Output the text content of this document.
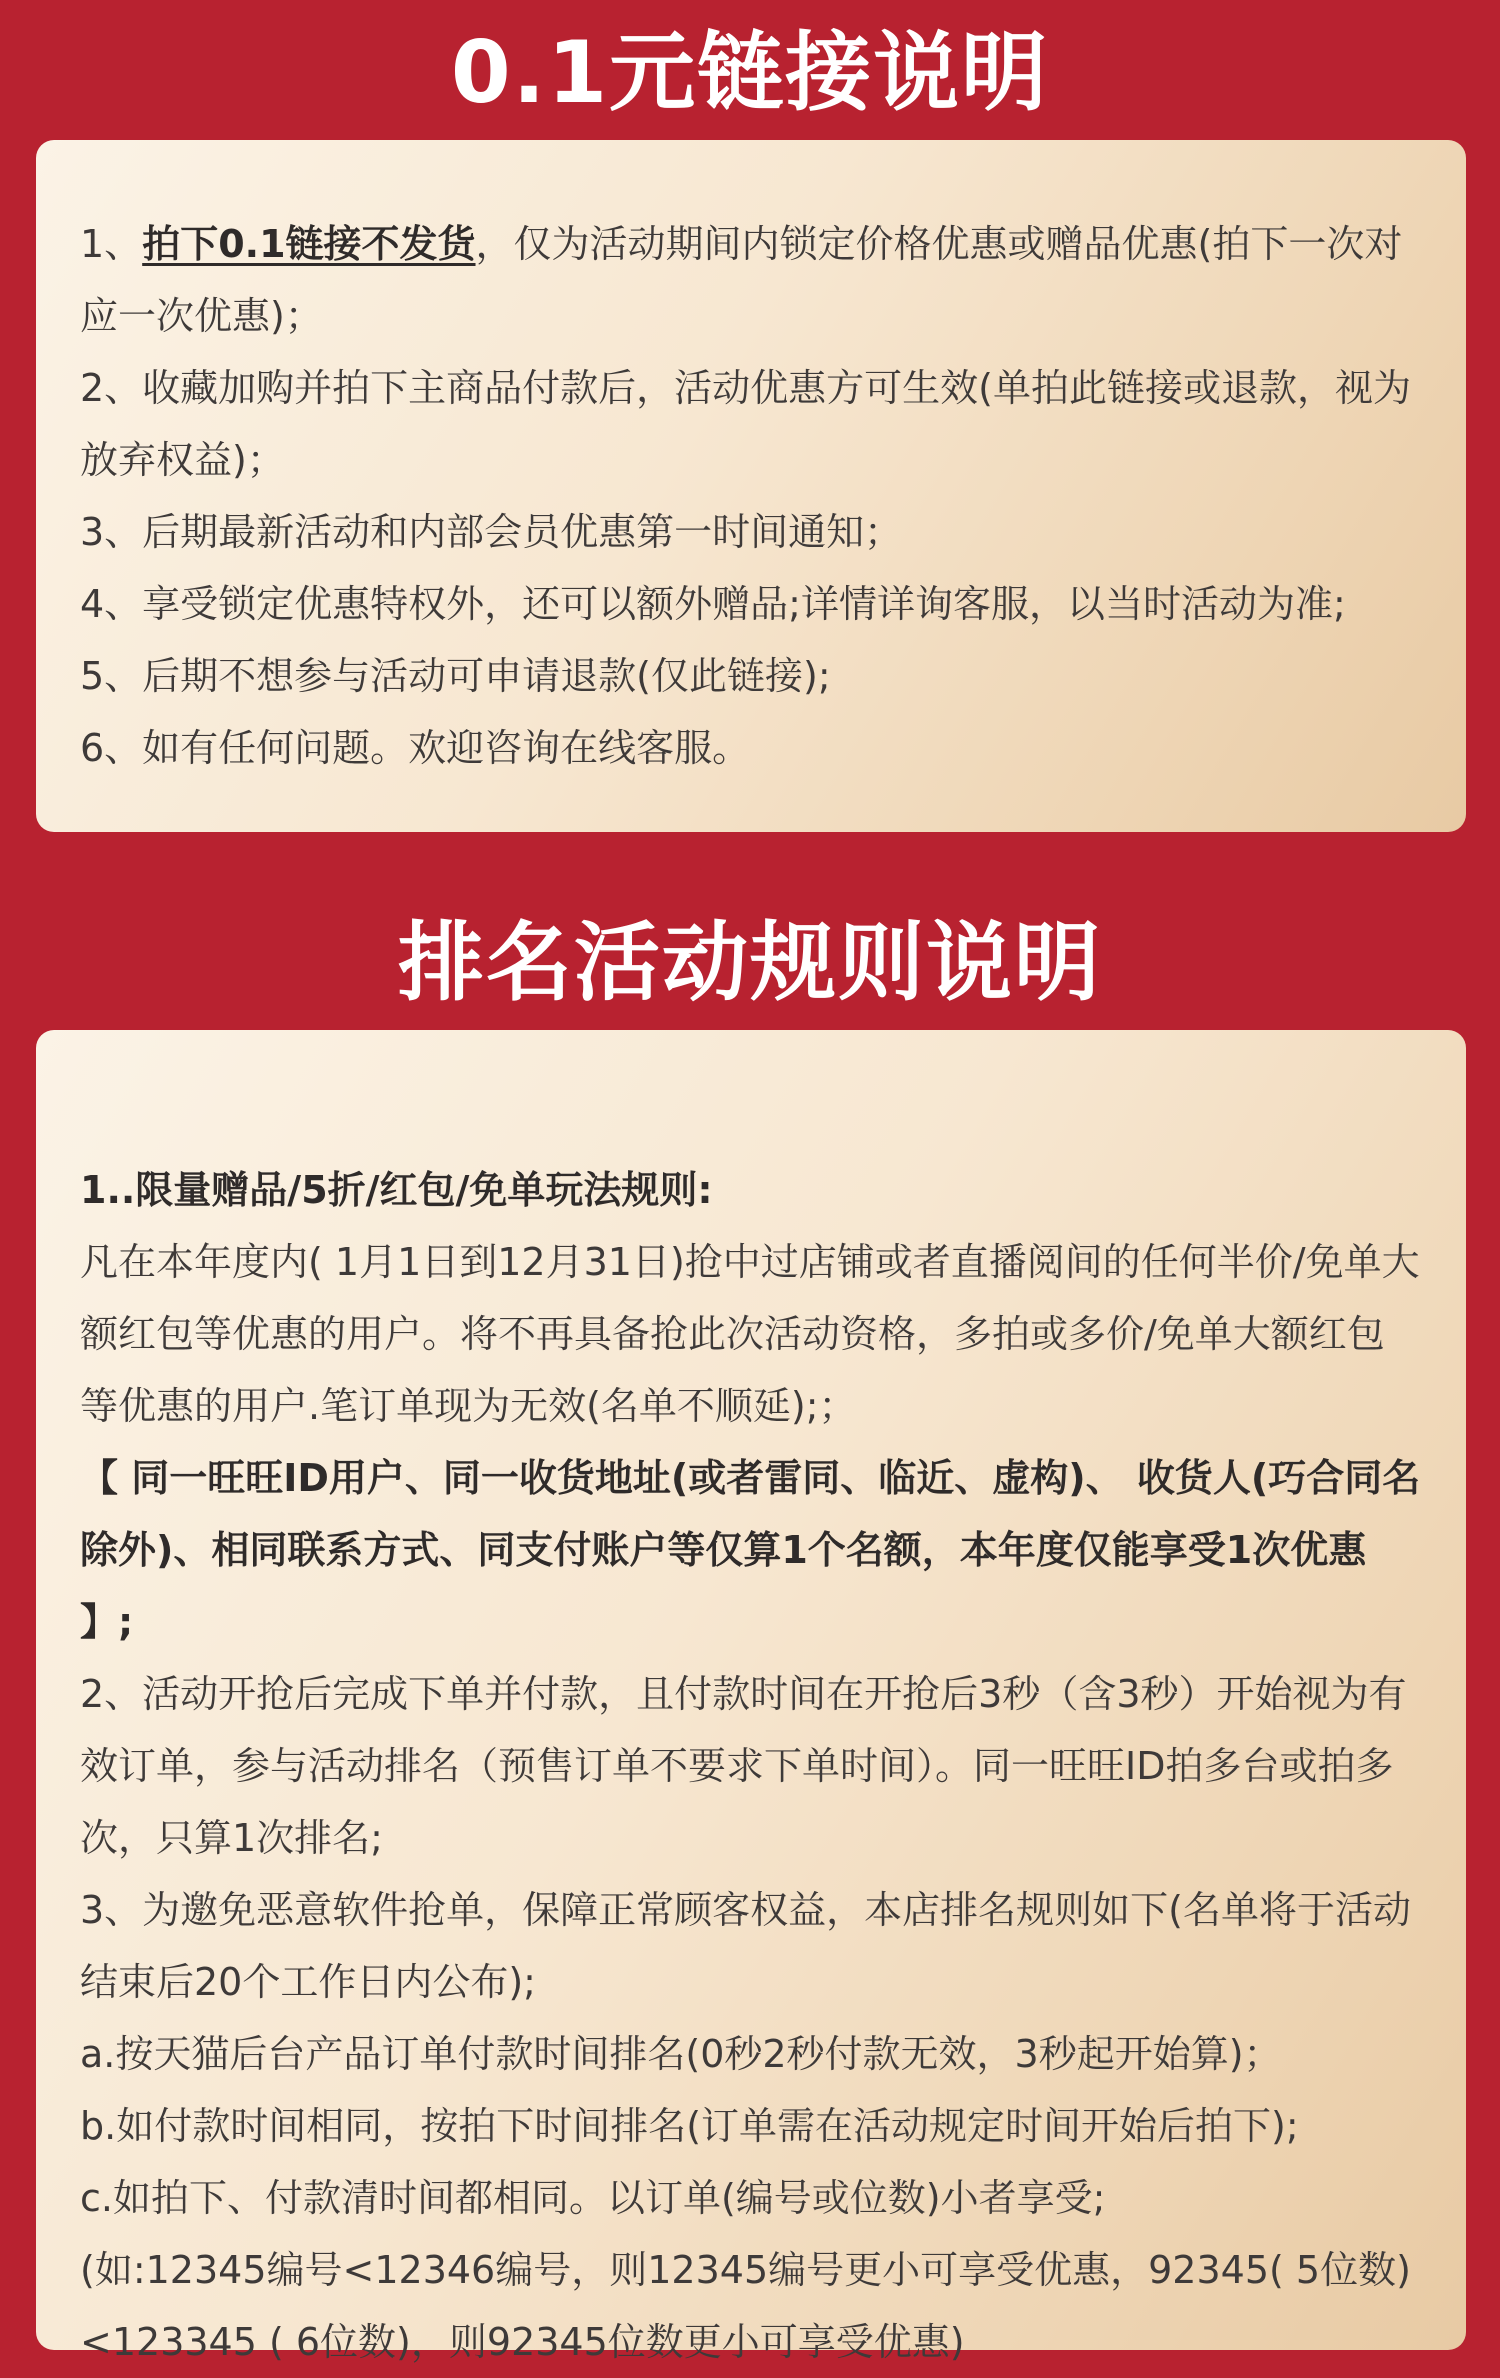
0.1元链接说明

1、拍下0.1链接不发货，仅为活动期间内锁定价格优惠或赠品优惠(拍下一次对应一次优惠)；

2、收藏加购并拍下主商品付款后，活动优惠方可生效(单拍此链接或退款，视为放弃权益)；

3、后期最新活动和内部会员优惠第一时间通知；

4、享受锁定优惠特权外，还可以额外赠品;详情详询客服，以当时活动为准;

5、后期不想参与活动可申请退款(仅此链接);

6、如有任何问题。欢迎咨询在线客服。

排名活动规则说明

1..限量赠品/5折/红包/免单玩法规则:

凡在本年度内( 1月1日到12月31日)抢中过店铺或者直播阅间的任何半价/免单大额红包等优惠的用户。将不再具备抢此次活动资格，多拍或多价/免单大额红包等优惠的用户.笔订单现为无效(名单不顺延);；

【 同一旺旺ID用户、同一收货地址(或者雷同、临近、虚构)、 收货人(巧合同名除外)、相同联系方式、同支付账户等仅算1个名额，本年度仅能享受1次优惠 】;

2、活动开抢后完成下单并付款，且付款时间在开抢后3秒（含3秒）开始视为有效订单，参与活动排名（预售订单不要求下单时间）。同一旺旺ID拍多台或拍多次，只算1次排名;

3、为邀免恶意软件抢单，保障正常顾客权益，本店排名规则如下(名单将于活动结束后20个工作日内公布);

a.按天猫后台产品订单付款时间排名(0秒2秒付款无效，3秒起开始算)；

b.如付款时间相同，按拍下时间排名(订单需在活动规定时间开始后拍下);

c.如拍下、付款清时间都相同。以订单(编号或位数)小者享受;

(如:12345编号<12346编号，则12345编号更小可享受优惠，92345( 5位数) <123345 ( 6位数)，则92345位数更小可享受优惠)
